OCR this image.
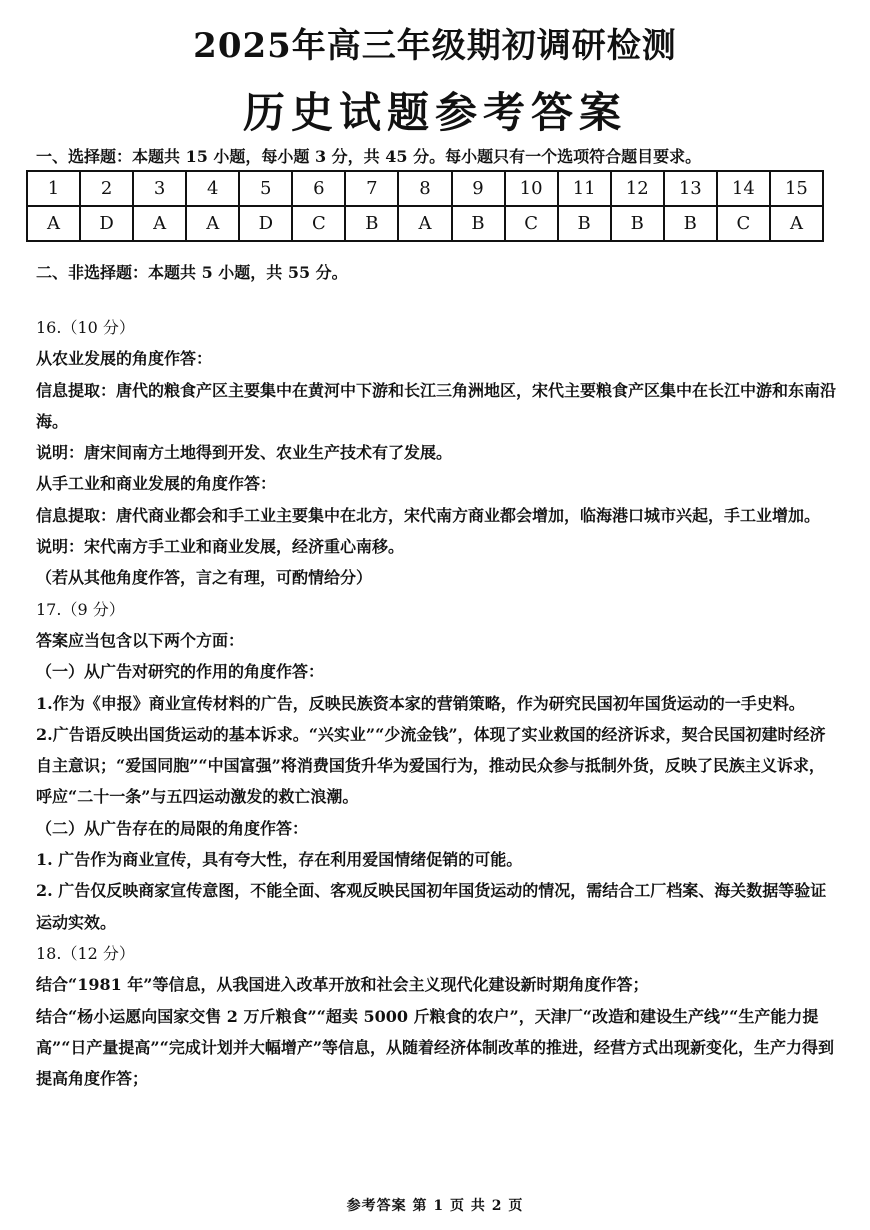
2025年高三年级期初调研检测
历史试题参考答案
一、选择题：本题共 15 小题，每小题 3 分，共 45 分。每小题只有一个选项符合题目要求。
1	2	3	4	5	6	7	8	9	10	11	12	13	14	15
A	D	A	A	D	C	B	A	B	C	B	B	B	C	A
二、非选择题：本题共 5 小题，共 55 分。

16.（10 分）

从农业发展的角度作答：

信息提取：唐代的粮食产区主要集中在黄河中下游和长江三角洲地区，宋代主要粮食产区集中在长江中游和东南沿海。

说明：唐宋间南方土地得到开发、农业生产技术有了发展。

从手工业和商业发展的角度作答：

信息提取：唐代商业都会和手工业主要集中在北方，宋代南方商业都会增加，临海港口城市兴起，手工业增加。

说明：宋代南方手工业和商业发展，经济重心南移。

（若从其他角度作答，言之有理，可酌情给分）

17.（9 分）

答案应当包含以下两个方面：

（一）从广告对研究的作用的角度作答：

1.作为《申报》商业宣传材料的广告，反映民族资本家的营销策略，作为研究民国初年国货运动的一手史料。

2.广告语反映出国货运动的基本诉求。“兴实业”“少流金钱”，体现了实业救国的经济诉求，契合民国初建时经济自主意识；“爱国同胞”“中国富强”将消费国货升华为爱国行为，推动民众参与抵制外货，反映了民族主义诉求，呼应“二十一条”与五四运动激发的救亡浪潮。

（二）从广告存在的局限的角度作答：

1. 广告作为商业宣传，具有夸大性，存在利用爱国情绪促销的可能。

2. 广告仅反映商家宣传意图，不能全面、客观反映民国初年国货运动的情况，需结合工厂档案、海关数据等验证运动实效。

18.（12 分）

结合“1981 年”等信息，从我国进入改革开放和社会主义现代化建设新时期角度作答；

结合“杨小运愿向国家交售 2 万斤粮食”“超卖 5000 斤粮食的农户”，天津厂“改造和建设生产线”“生产能力提高”“日产量提高”“完成计划并大幅增产”等信息，从随着经济体制改革的推进，经营方式出现新变化，生产力得到提高角度作答；

参考答案 第 1 页 共 2 页
